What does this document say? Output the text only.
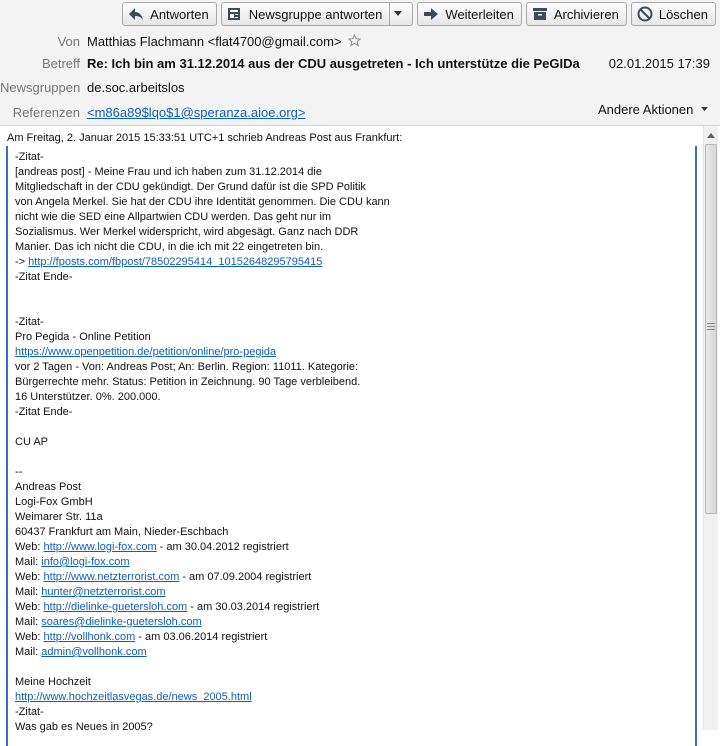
Antworten	Newsgruppe antworten	Weiterleiten	Archivieren	Löschen
Von Matthias Flachmann <flat4700@gmail.com>
Betreff Re: Ich bin am 31.12.2014 aus der CDU ausgetreten - Ich unterstütze die PeGIDa 02.01.2015 17:39
Newsgruppen de.soc.arbeitslos
Referenzen <m86a89$lqo$1@speranza.aioe.org>	Andere Aktionen
Am Freitag, 2. Januar 2015 15:33:51 UTC+1 schrieb Andreas Post aus Frankfurt:
-Zitat-
[andreas post] - Meine Frau und ich haben zum 31.12.2014 die
Mitgliedschaft in der CDU gekündigt. Der Grund dafür ist die SPD Politik
von Angela Merkel. Sie hat der CDU ihre Identität genommen. Die CDU kann
nicht wie die SED eine Allpartwien CDU werden. Das geht nur im
Sozialismus. Wer Merkel widerspricht, wird abgesägt. Ganz nach DDR
Manier. Das ich nicht die CDU, in die ich mit 22 eingetreten bin.
-> http://fposts.com/fbpost/78502295414_10152648295795415
-Zitat Ende-

-Zitat-
Pro Pegida - Online Petition
https://www.openpetition.de/petition/online/pro-pegida
vor 2 Tagen - Von: Andreas Post; An: Berlin. Region: 11011. Kategorie:
Bürgerrechte mehr. Status: Petition in Zeichnung. 90 Tage verbleibend.
16 Unterstützer. 0%. 200.000.
-Zitat Ende-

CU AP

--
Andreas Post
Logi-Fox GmbH
Weimarer Str. 11a
60437 Frankfurt am Main, Nieder-Eschbach
Web: http://www.logi-fox.com - am 30.04.2012 registriert
Mail: info@logi-fox.com
Web: http://www.netzterrorist.com - am 07.09.2004 registriert
Mail: hunter@netzterrorist.com
Web: http://dielinke-guetersloh.com - am 30.03.2014 registriert
Mail: soares@dielinke-guetersloh.com
Web: http://vollhonk.com - am 03.06.2014 registriert
Mail: admin@vollhonk.com

Meine Hochzeit
http://www.hochzeitlasvegas.de/news_2005.html
-Zitat-
Was gab es Neues in 2005?
